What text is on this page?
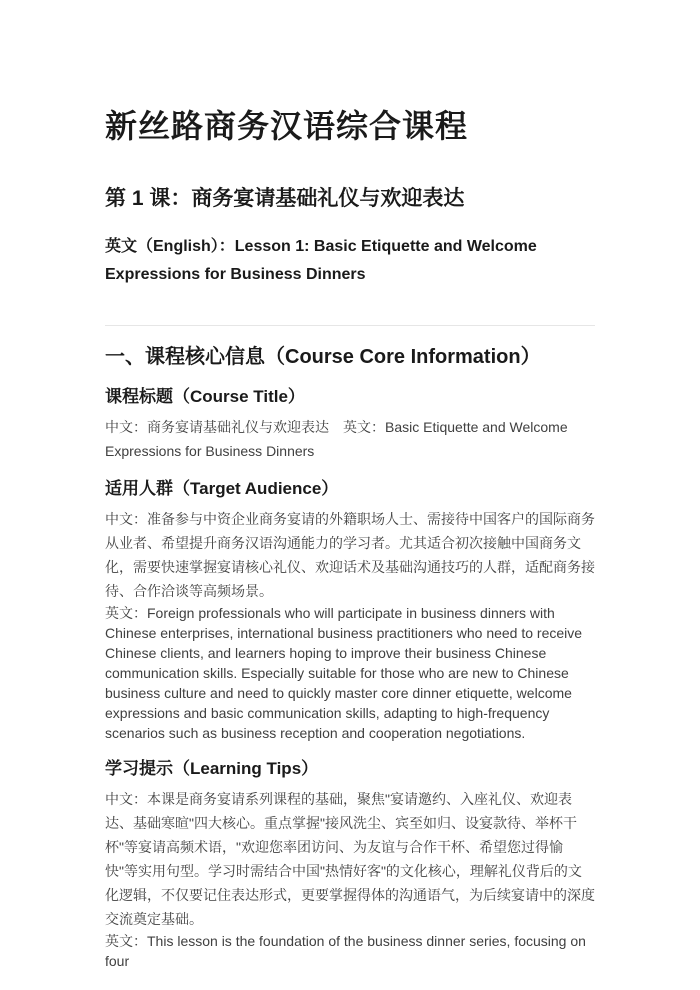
新丝路商务汉语综合课程
第 1 课：商务宴请基础礼仪与欢迎表达

英文（English）：Lesson 1: Basic Etiquette and Welcome Expressions for Business Dinners

一、课程核心信息（Course Core Information）
课程标题（Course Title）

中文：商务宴请基础礼仪与欢迎表达　英文：Basic Etiquette and Welcome Expressions for Business Dinners

适用人群（Target Audience）

中文：准备参与中资企业商务宴请的外籍职场人士、需接待中国客户的国际商务从业者、希望提升商务汉语沟通能力的学习者。尤其适合初次接触中国商务文化，需要快速掌握宴请核心礼仪、欢迎话术及基础沟通技巧的人群，适配商务接待、合作洽谈等高频场景。

英文：Foreign professionals who will participate in business dinners with Chinese enterprises, international business practitioners who need to receive Chinese clients, and learners hoping to improve their business Chinese communication skills. Especially suitable for those who are new to Chinese business culture and need to quickly master core dinner etiquette, welcome expressions and basic communication skills, adapting to high-frequency scenarios such as business reception and cooperation negotiations.

学习提示（Learning Tips）

中文：本课是商务宴请系列课程的基础，聚焦"宴请邀约、入座礼仪、欢迎表达、基础寒暄"四大核心。重点掌握"接风洗尘、宾至如归、设宴款待、举杯干杯"等宴请高频术语，"欢迎您率团访问、为友谊与合作干杯、希望您过得愉快"等实用句型。学习时需结合中国"热情好客"的文化核心，理解礼仪背后的文化逻辑，不仅要记住表达形式，更要掌握得体的沟通语气，为后续宴请中的深度交流奠定基础。

英文：This lesson is the foundation of the business dinner series, focusing on four
